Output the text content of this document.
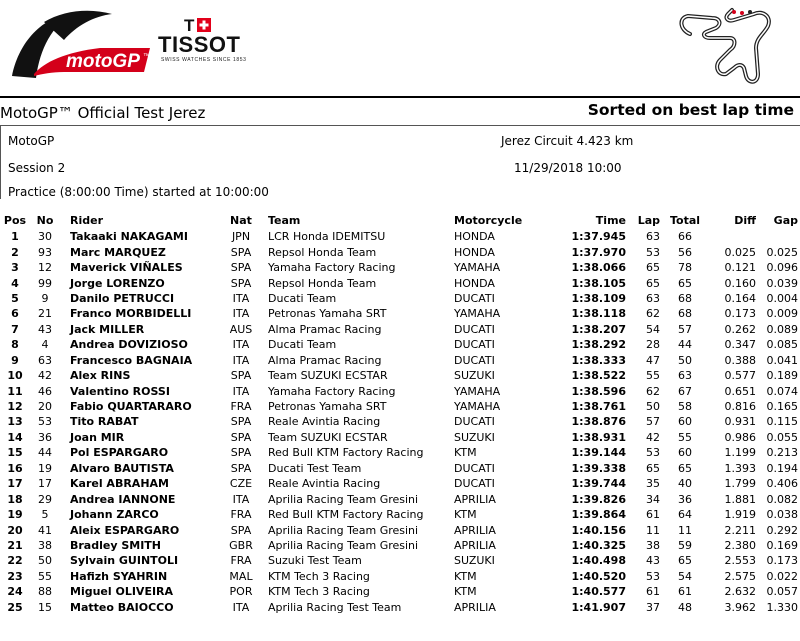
motoGP ™
T
TISSOT
SWISS WATCHES SINCE 1853
MotoGP™ Official Test Jerez	Sorted on best lap time
MotoGP
Session 2
Practice (8:00:00 Time) started at 10:00:00
Jerez Circuit 4.423 km
11/29/2018 10:00
Pos	No	Rider	Nat	Team	Motorcycle	Time	Lap	Total	Diff	Gap
1	30	Takaaki NAKAGAMI	JPN	LCR Honda IDEMITSU	HONDA	1:37.945	63	66		
2	93	Marc MARQUEZ	SPA	Repsol Honda Team	HONDA	1:37.970	53	56	0.025	0.025
3	12	Maverick VIÑALES	SPA	Yamaha Factory Racing	YAMAHA	1:38.066	65	78	0.121	0.096
4	99	Jorge LORENZO	SPA	Repsol Honda Team	HONDA	1:38.105	65	65	0.160	0.039
5	9	Danilo PETRUCCI	ITA	Ducati Team	DUCATI	1:38.109	63	68	0.164	0.004
6	21	Franco MORBIDELLI	ITA	Petronas Yamaha SRT	YAMAHA	1:38.118	62	68	0.173	0.009
7	43	Jack MILLER	AUS	Alma Pramac Racing	DUCATI	1:38.207	54	57	0.262	0.089
8	4	Andrea DOVIZIOSO	ITA	Ducati Team	DUCATI	1:38.292	28	44	0.347	0.085
9	63	Francesco BAGNAIA	ITA	Alma Pramac Racing	DUCATI	1:38.333	47	50	0.388	0.041
10	42	Alex RINS	SPA	Team SUZUKI ECSTAR	SUZUKI	1:38.522	55	63	0.577	0.189
11	46	Valentino ROSSI	ITA	Yamaha Factory Racing	YAMAHA	1:38.596	62	67	0.651	0.074
12	20	Fabio QUARTARARO	FRA	Petronas Yamaha SRT	YAMAHA	1:38.761	50	58	0.816	0.165
13	53	Tito RABAT	SPA	Reale Avintia Racing	DUCATI	1:38.876	57	60	0.931	0.115
14	36	Joan MIR	SPA	Team SUZUKI ECSTAR	SUZUKI	1:38.931	42	55	0.986	0.055
15	44	Pol ESPARGARO	SPA	Red Bull KTM Factory Racing	KTM	1:39.144	53	60	1.199	0.213
16	19	Alvaro BAUTISTA	SPA	Ducati Test Team	DUCATI	1:39.338	65	65	1.393	0.194
17	17	Karel ABRAHAM	CZE	Reale Avintia Racing	DUCATI	1:39.744	35	40	1.799	0.406
18	29	Andrea IANNONE	ITA	Aprilia Racing Team Gresini	APRILIA	1:39.826	34	36	1.881	0.082
19	5	Johann ZARCO	FRA	Red Bull KTM Factory Racing	KTM	1:39.864	61	64	1.919	0.038
20	41	Aleix ESPARGARO	SPA	Aprilia Racing Team Gresini	APRILIA	1:40.156	11	11	2.211	0.292
21	38	Bradley SMITH	GBR	Aprilia Racing Team Gresini	APRILIA	1:40.325	38	59	2.380	0.169
22	50	Sylvain GUINTOLI	FRA	Suzuki Test Team	SUZUKI	1:40.498	43	65	2.553	0.173
23	55	Hafizh SYAHRIN	MAL	KTM Tech 3 Racing	KTM	1:40.520	53	54	2.575	0.022
24	88	Miguel OLIVEIRA	POR	KTM Tech 3 Racing	KTM	1:40.577	61	61	2.632	0.057
25	15	Matteo BAIOCCO	ITA	Aprilia Racing Test Team	APRILIA	1:41.907	37	48	3.962	1.330
